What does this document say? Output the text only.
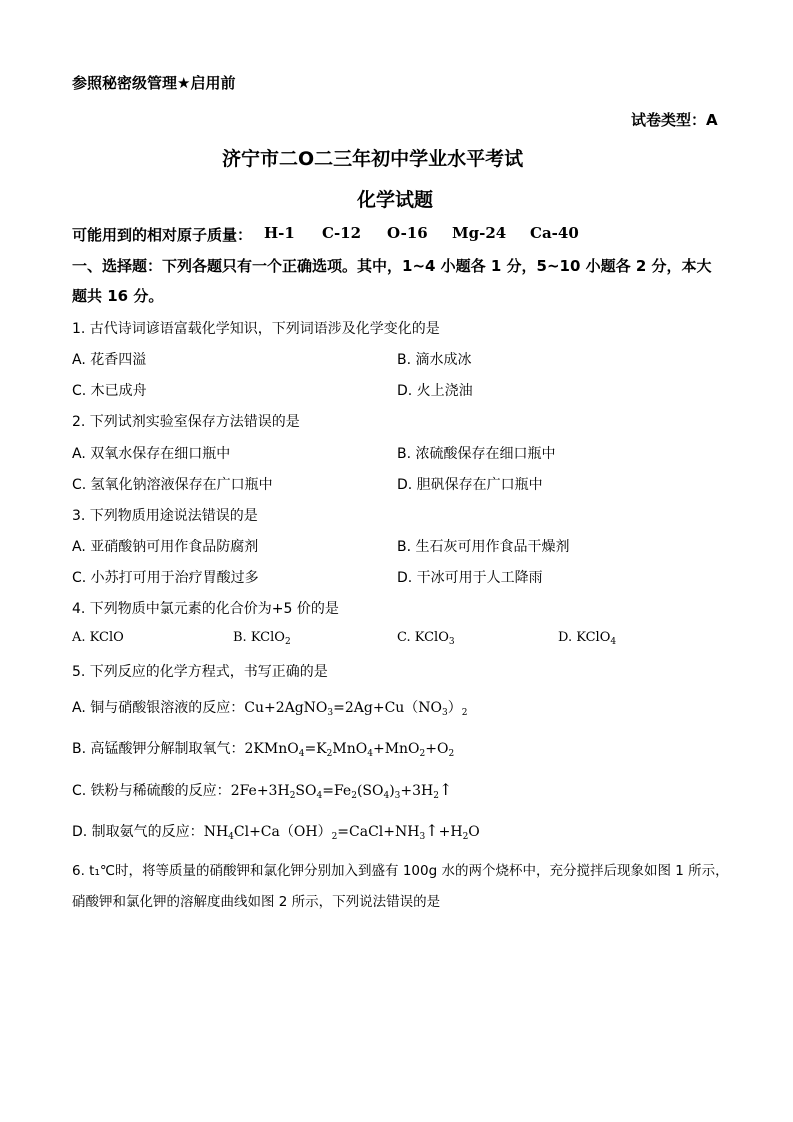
参照秘密级管理★启用前
试卷类型：A
济宁市二O二三年初中学业水平考试
化学试题
可能用到的相对原子质量： H-1 C-12 O-16 Mg-24 Ca-40
一、选择题：下列各题只有一个正确选项。其中，1~4 小题各 1 分，5~10 小题各 2 分，本大
题共 16 分。
1. 古代诗词谚语富载化学知识，下列词语涉及化学变化的是
A. 花香四溢	B. 滴水成冰
C. 木已成舟	D. 火上浇油
2. 下列试剂实验室保存方法错误的是
A. 双氧水保存在细口瓶中	B. 浓硫酸保存在细口瓶中
C. 氢氧化钠溶液保存在广口瓶中	D. 胆矾保存在广口瓶中
3. 下列物质用途说法错误的是
A. 亚硝酸钠可用作食品防腐剂	B. 生石灰可用作食品干燥剂
C. 小苏打可用于治疗胃酸过多	D. 干冰可用于人工降雨
4. 下列物质中氯元素的化合价为+5 价的是
A. KClO	B. KClO$_2$	C. KClO$_3$	D. KClO$_4$
5. 下列反应的化学方程式，书写正确的是
A. 铜与硝酸银溶液的反应：$Cu+2AgNO_3=2Ag+Cu(NO_3)_2$
B. 高锰酸钾分解制取氧气：$2KMnO_4=K_2MnO_4+MnO_2+O_2$
C. 铁粉与稀硫酸的反应：$2Fe+3H_2SO_4=Fe_2(SO_4)_3+3H_2↑$
D. 制取氨气的反应：$NH_4Cl+Ca(OH)_2=CaCl+NH_3↑+H_2O$
6. t₁℃时，将等质量的硝酸钾和氯化钾分别加入到盛有 100g 水的两个烧杯中，充分搅拌后现象如图 1 所示，
硝酸钾和氯化钾的溶解度曲线如图 2 所示，下列说法错误的是
